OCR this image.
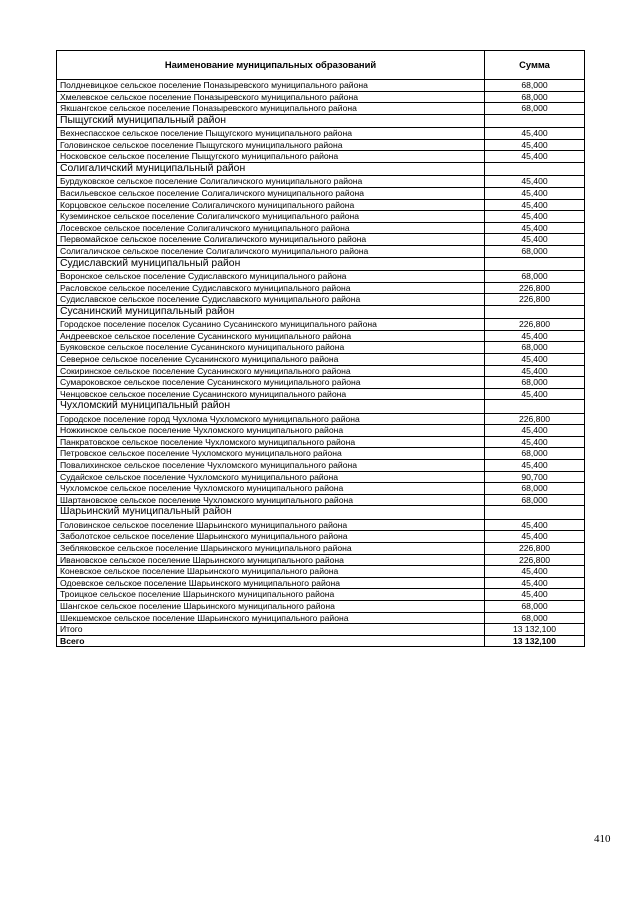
Наименование муниципальных образований	Сумма
Полдневицкое сельское поселение Поназыревского муниципального района	68,000
Хмелевское сельское поселение Поназыревского муниципального района	68,000
Якшангское сельское поселение Поназыревского муниципального района	68,000
Пыщугский муниципальный район	
Вехнеспасское сельское поселение Пыщугского муниципального района	45,400
Головинское сельское поселение Пыщугского муниципального района	45,400
Носковское сельское поселение Пыщугского муниципального района	45,400
Солигаличский муниципальный район	
Бурдуковское сельское поселение Солигаличского муниципального района	45,400
Васильевское сельское поселение Солигаличского муниципального района	45,400
Корцовское сельское поселение Солигаличского муниципального района	45,400
Куземинское сельское поселение Солигаличского муниципального района	45,400
Лосевское сельское поселение Солигаличского муниципального района	45,400
Первомайское сельское поселение Солигаличского муниципального района	45,400
Солигаличское сельское поселение Солигаличского муниципального района	68,000
Судиславский муниципальный район	
Воронское сельское поселение Судиславского муниципального района	68,000
Расловское сельское поселение Судиславского муниципального района	226,800
Судиславское сельское поселение Судиславского муниципального района	226,800
Сусанинский муниципальный район	
Городское поселение поселок Сусанино Сусанинского муниципального района	226,800
Андреевское сельское поселение Сусанинского муниципального района	45,400
Буяковское сельское поселение Сусанинского муниципального района	68,000
Северное сельское поселение Сусанинского муниципального района	45,400
Сокиринское сельское поселение Сусанинского муниципального района	45,400
Сумароковское сельское поселение Сусанинского муниципального района	68,000
Ченцовское сельское поселение Сусанинского муниципального района	45,400
Чухломский муниципальный район	
Городское поселение город Чухлома Чухломского муниципального района	226,800
Ножкинское сельское поселение Чухломского муниципального района	45,400
Панкратовское сельское поселение Чухломского муниципального района	45,400
Петровское сельское поселение Чухломского муниципального района	68,000
Повалихинское сельское поселение Чухломского муниципального района	45,400
Судайское сельское поселение Чухломского муниципального района	90,700
Чухломское сельское поселение Чухломского муниципального района	68,000
Шартановское сельское поселение Чухломского муниципального района	68,000
Шарьинский муниципальный район	
Головинское сельское поселение Шарьинского муниципального района	45,400
Заболотское сельское поселение Шарьинского муниципального района	45,400
Зебляковское сельское поселение Шарьинского муниципального района	226,800
Ивановское сельское поселение Шарьинского муниципального района	226,800
Коневское сельское поселение Шарьинского муниципального района	45,400
Одоевское сельское поселение Шарьинского муниципального района	45,400
Троицкое сельское поселение Шарьинского муниципального района	45,400
Шангское сельское поселение Шарьинского муниципального района	68,000
Шекшемское сельское поселение Шарьинского муниципального района	68,000
Итого	13 132,100
Всего	13 132,100
410
